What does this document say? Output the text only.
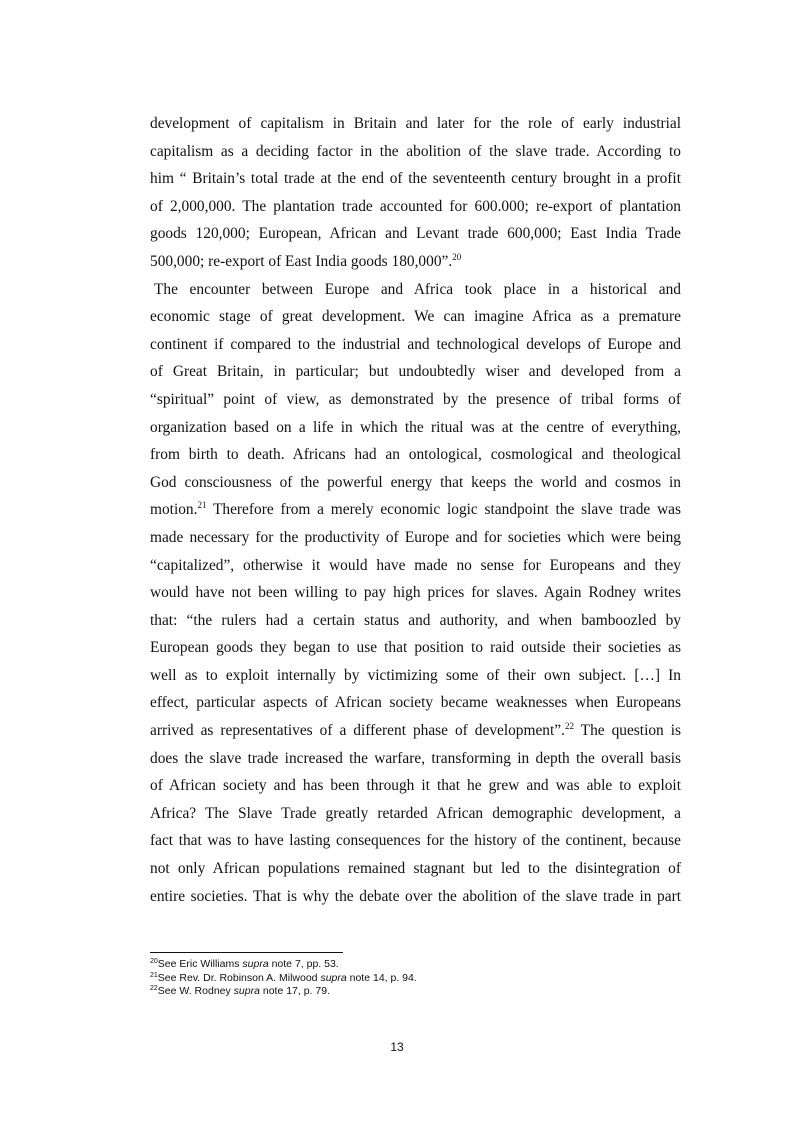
development of capitalism in Britain and later for the role of early industrial
capitalism as a deciding factor in the abolition of the slave trade. According to
him “ Britain’s total trade at the end of the seventeenth century brought in a profit
of 2,000,000. The plantation trade accounted for 600.000; re-export of plantation
goods 120,000; European, African and Levant trade 600,000; East India Trade
500,000; re-export of East India goods 180,000”.$^{20}$
The encounter between Europe and Africa took place in a historical and
economic stage of great development. We can imagine Africa as a premature
continent if compared to the industrial and technological develops of Europe and
of Great Britain, in particular; but undoubtedly wiser and developed from a
“spiritual” point of view, as demonstrated by the presence of tribal forms of
organization based on a life in which the ritual was at the centre of everything,
from birth to death. Africans had an ontological, cosmological and theological
God consciousness of the powerful energy that keeps the world and cosmos in
motion.$^{21}$ Therefore from a merely economic logic standpoint the slave trade was
made necessary for the productivity of Europe and for societies which were being
“capitalized”, otherwise it would have made no sense for Europeans and they
would have not been willing to pay high prices for slaves. Again Rodney writes
that: “the rulers had a certain status and authority, and when bamboozled by
European goods they began to use that position to raid outside their societies as
well as to exploit internally by victimizing some of their own subject. […] In
effect, particular aspects of African society became weaknesses when Europeans
arrived as representatives of a different phase of development”.$^{22}$ The question is
does the slave trade increased the warfare, transforming in depth the overall basis
of African society and has been through it that he grew and was able to exploit
Africa? The Slave Trade greatly retarded African demographic development, a
fact that was to have lasting consequences for the history of the continent, because
not only African populations remained stagnant but led to the disintegration of
entire societies. That is why the debate over the abolition of the slave trade in part
$^{20}$See Eric Williams supra note 7, pp. 53.
$^{21}$See Rev. Dr. Robinson A. Milwood supra note 14, p. 94.
$^{22}$See W. Rodney supra note 17, p. 79.
13
